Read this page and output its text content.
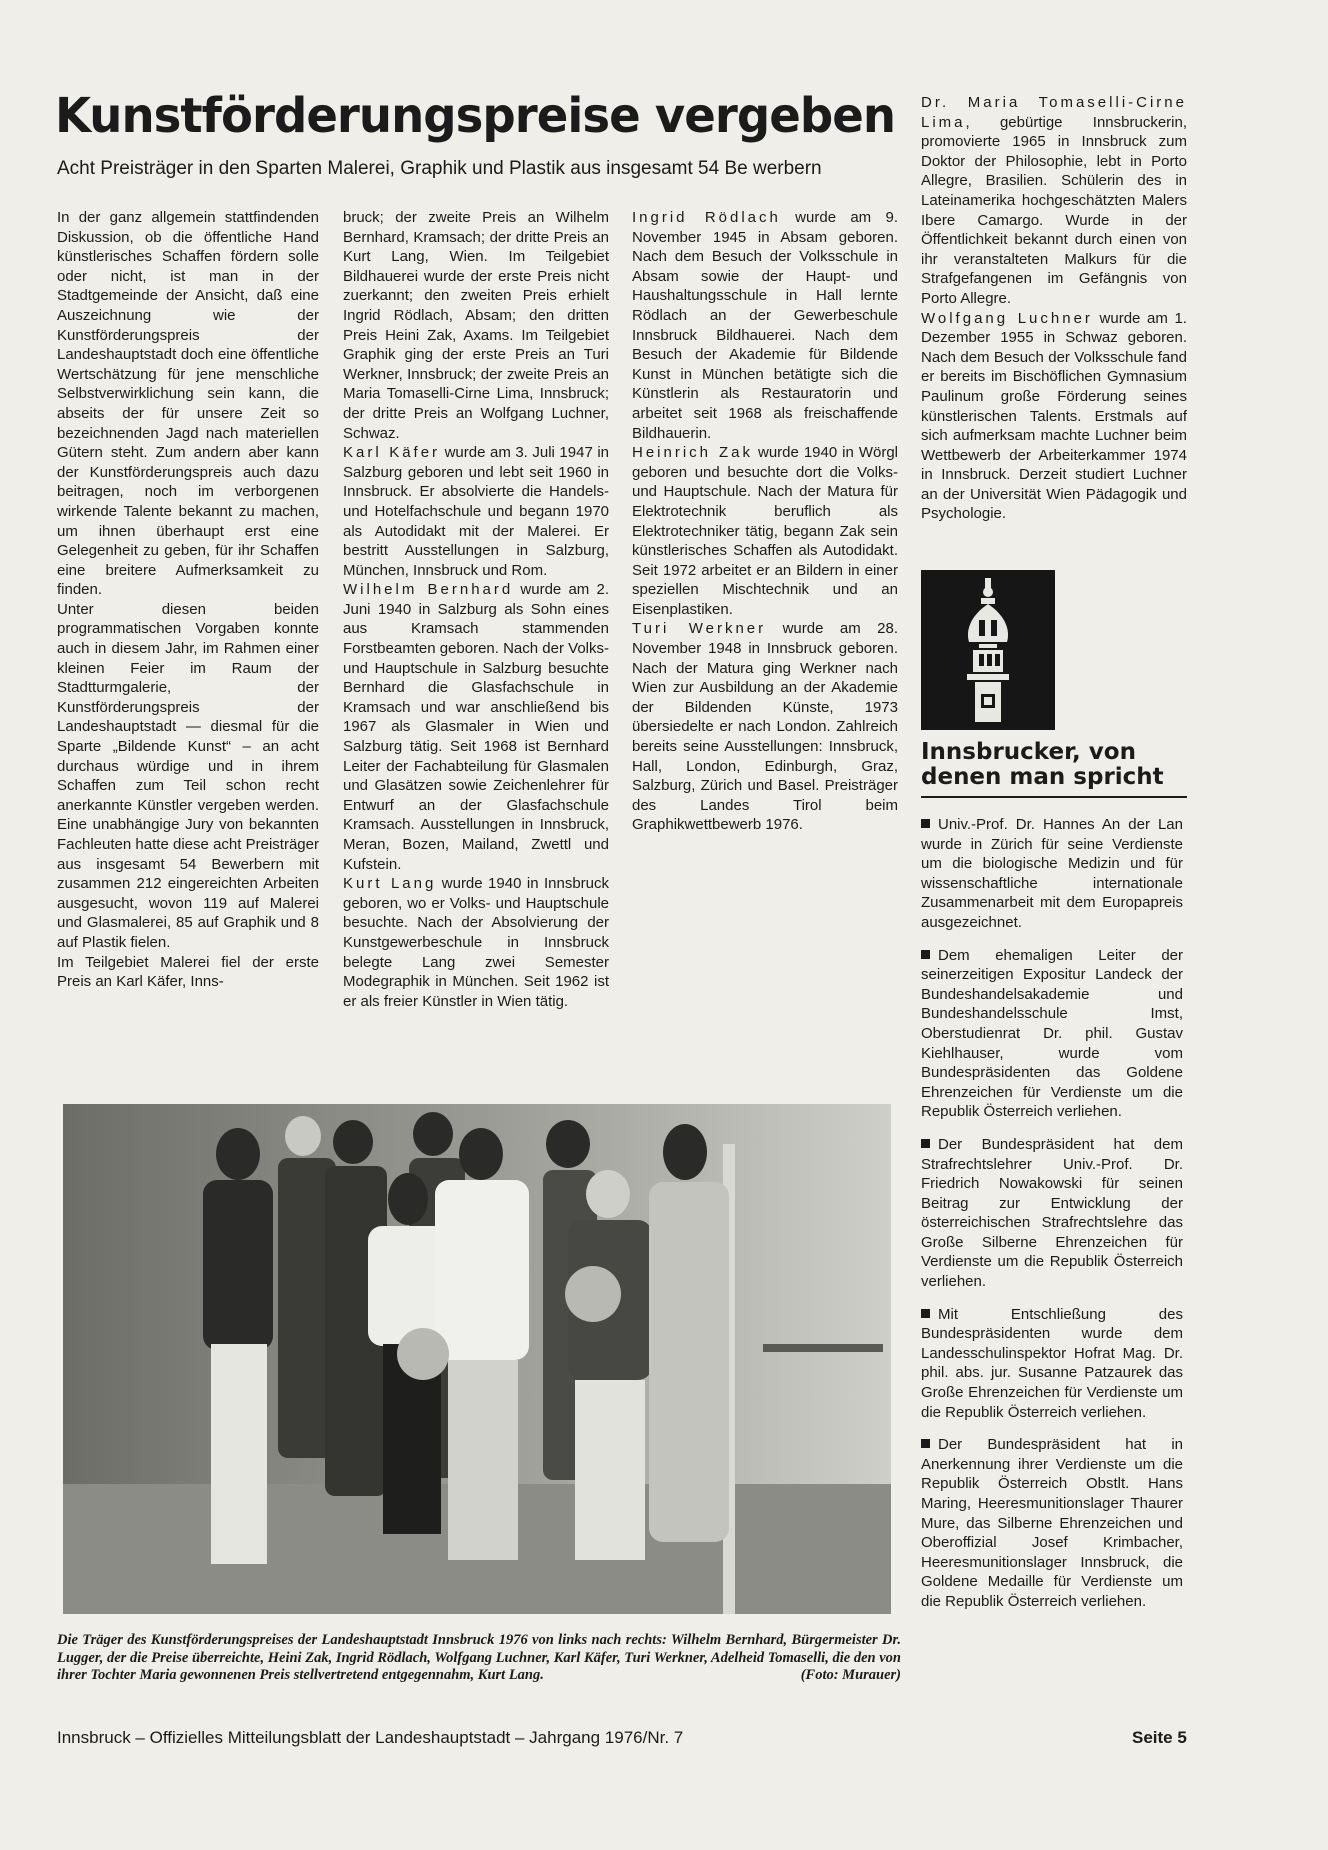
Kunstförderungspreise vergeben

Acht Preisträger in den Sparten Malerei, Graphik und Plastik aus insgesamt 54 Be werbern

In der ganz allgemein stattfindenden Diskussion, ob die öffentliche Hand künstlerisches Schaffen fördern solle oder nicht, ist man in der Stadtgemeinde der Ansicht, daß eine Auszeichnung wie der Kunstförderungspreis der Landeshauptstadt doch eine öffentliche Wertschätzung für jene menschliche Selbstverwirklichung sein kann, die abseits der für unsere Zeit so bezeichnenden Jagd nach materiellen Gütern steht. Zum andern aber kann der Kunstförderungspreis auch dazu beitragen, noch im verborgenen wirkende Talente bekannt zu machen, um ihnen überhaupt erst eine Gelegenheit zu geben, für ihr Schaffen eine breitere Aufmerksamkeit zu finden.

Unter diesen beiden programmatischen Vorgaben konnte auch in diesem Jahr, im Rahmen einer kleinen Feier im Raum der Stadtturmgalerie, der Kunstförderungspreis der Landeshauptstadt — diesmal für die Sparte „Bildende Kunst“ – an acht durchaus würdige und in ihrem Schaffen zum Teil schon recht anerkannte Künstler vergeben werden. Eine unabhängige Jury von bekannten Fachleuten hatte diese acht Preisträger aus insgesamt 54 Bewerbern mit zusammen 212 eingereichten Arbeiten ausgesucht, wovon 119 auf Malerei und Glasmalerei, 85 auf Graphik und 8 auf Plastik fielen.

Im Teilgebiet Malerei fiel der erste Preis an Karl Käfer, Inns-

bruck; der zweite Preis an Wilhelm Bernhard, Kramsach; der dritte Preis an Kurt Lang, Wien. Im Teilgebiet Bildhauerei wurde der erste Preis nicht zuerkannt; den zweiten Preis erhielt Ingrid Rödlach, Absam; den dritten Preis Heini Zak, Axams. Im Teilgebiet Graphik ging der erste Preis an Turi Werkner, Innsbruck; der zweite Preis an Maria Tomaselli-Cirne Lima, Innsbruck; der dritte Preis an Wolfgang Luchner, Schwaz.

Karl Käfer wurde am 3. Juli 1947 in Salzburg geboren und lebt seit 1960 in Innsbruck. Er absolvierte die Handels- und Hotelfachschule und begann 1970 als Autodidakt mit der Malerei. Er bestritt Ausstellungen in Salzburg, München, Innsbruck und Rom.

Wilhelm Bernhard wurde am 2. Juni 1940 in Salzburg als Sohn eines aus Kramsach stammenden Forstbeamten geboren. Nach der Volks- und Hauptschule in Salzburg besuchte Bernhard die Glasfachschule in Kramsach und war anschließend bis 1967 als Glasmaler in Wien und Salzburg tätig. Seit 1968 ist Bernhard Leiter der Fachabteilung für Glasmalen und Glasätzen sowie Zeichenlehrer für Entwurf an der Glasfachschule Kramsach. Ausstellungen in Innsbruck, Meran, Bozen, Mailand, Zwettl und Kufstein.

Kurt Lang wurde 1940 in Innsbruck geboren, wo er Volks- und Hauptschule besuchte. Nach der Absolvierung der Kunstgewerbeschule in Innsbruck belegte Lang zwei Semester Modegraphik in München. Seit 1962 ist er als freier Künstler in Wien tätig.

Ingrid Rödlach wurde am 9. November 1945 in Absam geboren. Nach dem Besuch der Volksschule in Absam sowie der Haupt- und Haushaltungsschule in Hall lernte Rödlach an der Gewerbeschule Innsbruck Bildhauerei. Nach dem Besuch der Akademie für Bildende Kunst in München betätigte sich die Künstlerin als Restauratorin und arbeitet seit 1968 als freischaffende Bildhauerin.

Heinrich Zak wurde 1940 in Wörgl geboren und besuchte dort die Volks- und Hauptschule. Nach der Matura für Elektrotechnik beruflich als Elektrotechniker tätig, begann Zak sein künstlerisches Schaffen als Autodidakt. Seit 1972 arbeitet er an Bildern in einer speziellen Mischtechnik und an Eisenplastiken.

Turi Werkner wurde am 28. November 1948 in Innsbruck geboren. Nach der Matura ging Werkner nach Wien zur Ausbildung an der Akademie der Bildenden Künste, 1973 übersiedelte er nach London. Zahlreich bereits seine Ausstellungen: Innsbruck, Hall, London, Edinburgh, Graz, Salzburg, Zürich und Basel. Preisträger des Landes Tirol beim Graphikwettbewerb 1976.

Dr. Maria Tomaselli-Cirne Lima, gebürtige Innsbruckerin, promovierte 1965 in Innsbruck zum Doktor der Philosophie, lebt in Porto Allegre, Brasilien. Schülerin des in Lateinamerika hochgeschätzten Malers Ibere Camargo. Wurde in der Öffentlichkeit bekannt durch einen von ihr veranstalteten Malkurs für die Strafgefangenen im Gefängnis von Porto Allegre.

Wolfgang Luchner wurde am 1. Dezember 1955 in Schwaz geboren. Nach dem Besuch der Volksschule fand er bereits im Bischöflichen Gymnasium Paulinum große Förderung seines künstlerischen Talents. Erstmals auf sich aufmerksam machte Luchner beim Wettbewerb der Arbeiterkammer 1974 in Innsbruck. Derzeit studiert Luchner an der Universität Wien Pädagogik und Psychologie.

Innsbrucker, von denen man spricht

Univ.-Prof. Dr. Hannes An der Lan wurde in Zürich für seine Verdienste um die biologische Medizin und für wissenschaftliche internationale Zusammenarbeit mit dem Europapreis ausgezeichnet.

Dem ehemaligen Leiter der seinerzeitigen Expositur Landeck der Bundeshandelsakademie und Bundeshandelsschule Imst, Oberstudienrat Dr. phil. Gustav Kiehlhauser, wurde vom Bundespräsidenten das Goldene Ehrenzeichen für Verdienste um die Republik Österreich verliehen.

Der Bundespräsident hat dem Strafrechtslehrer Univ.-Prof. Dr. Friedrich Nowakowski für seinen Beitrag zur Entwicklung der österreichischen Strafrechtslehre das Große Silberne Ehrenzeichen für Verdienste um die Republik Österreich verliehen.

Mit Entschließung des Bundespräsidenten wurde dem Landesschulinspektor Hofrat Mag. Dr. phil. abs. jur. Susanne Patzaurek das Große Ehrenzeichen für Verdienste um die Republik Österreich verliehen.

Der Bundespräsident hat in Anerkennung ihrer Verdienste um die Republik Österreich Obstlt. Hans Maring, Heeresmunitionslager Thaurer Mure, das Silberne Ehrenzeichen und Oberoffizial Josef Krimbacher, Heeresmunitionslager Innsbruck, die Goldene Medaille für Verdienste um die Republik Österreich verliehen.

Die Träger des Kunstförderungspreises der Landeshauptstadt Innsbruck 1976 von links nach rechts: Wilhelm Bernhard, Bürgermeister Dr. Lugger, der die Preise überreichte, Heini Zak, Ingrid Rödlach, Wolfgang Luchner, Karl Käfer, Turi Werkner, Adelheid Tomaselli, die den von ihrer Tochter Maria gewonnenen Preis stellvertretend entgegennahm, Kurt Lang.	(Foto: Murauer)

Innsbruck – Offizielles Mitteilungsblatt der Landeshauptstadt – Jahrgang 1976/Nr. 7	Seite 5
